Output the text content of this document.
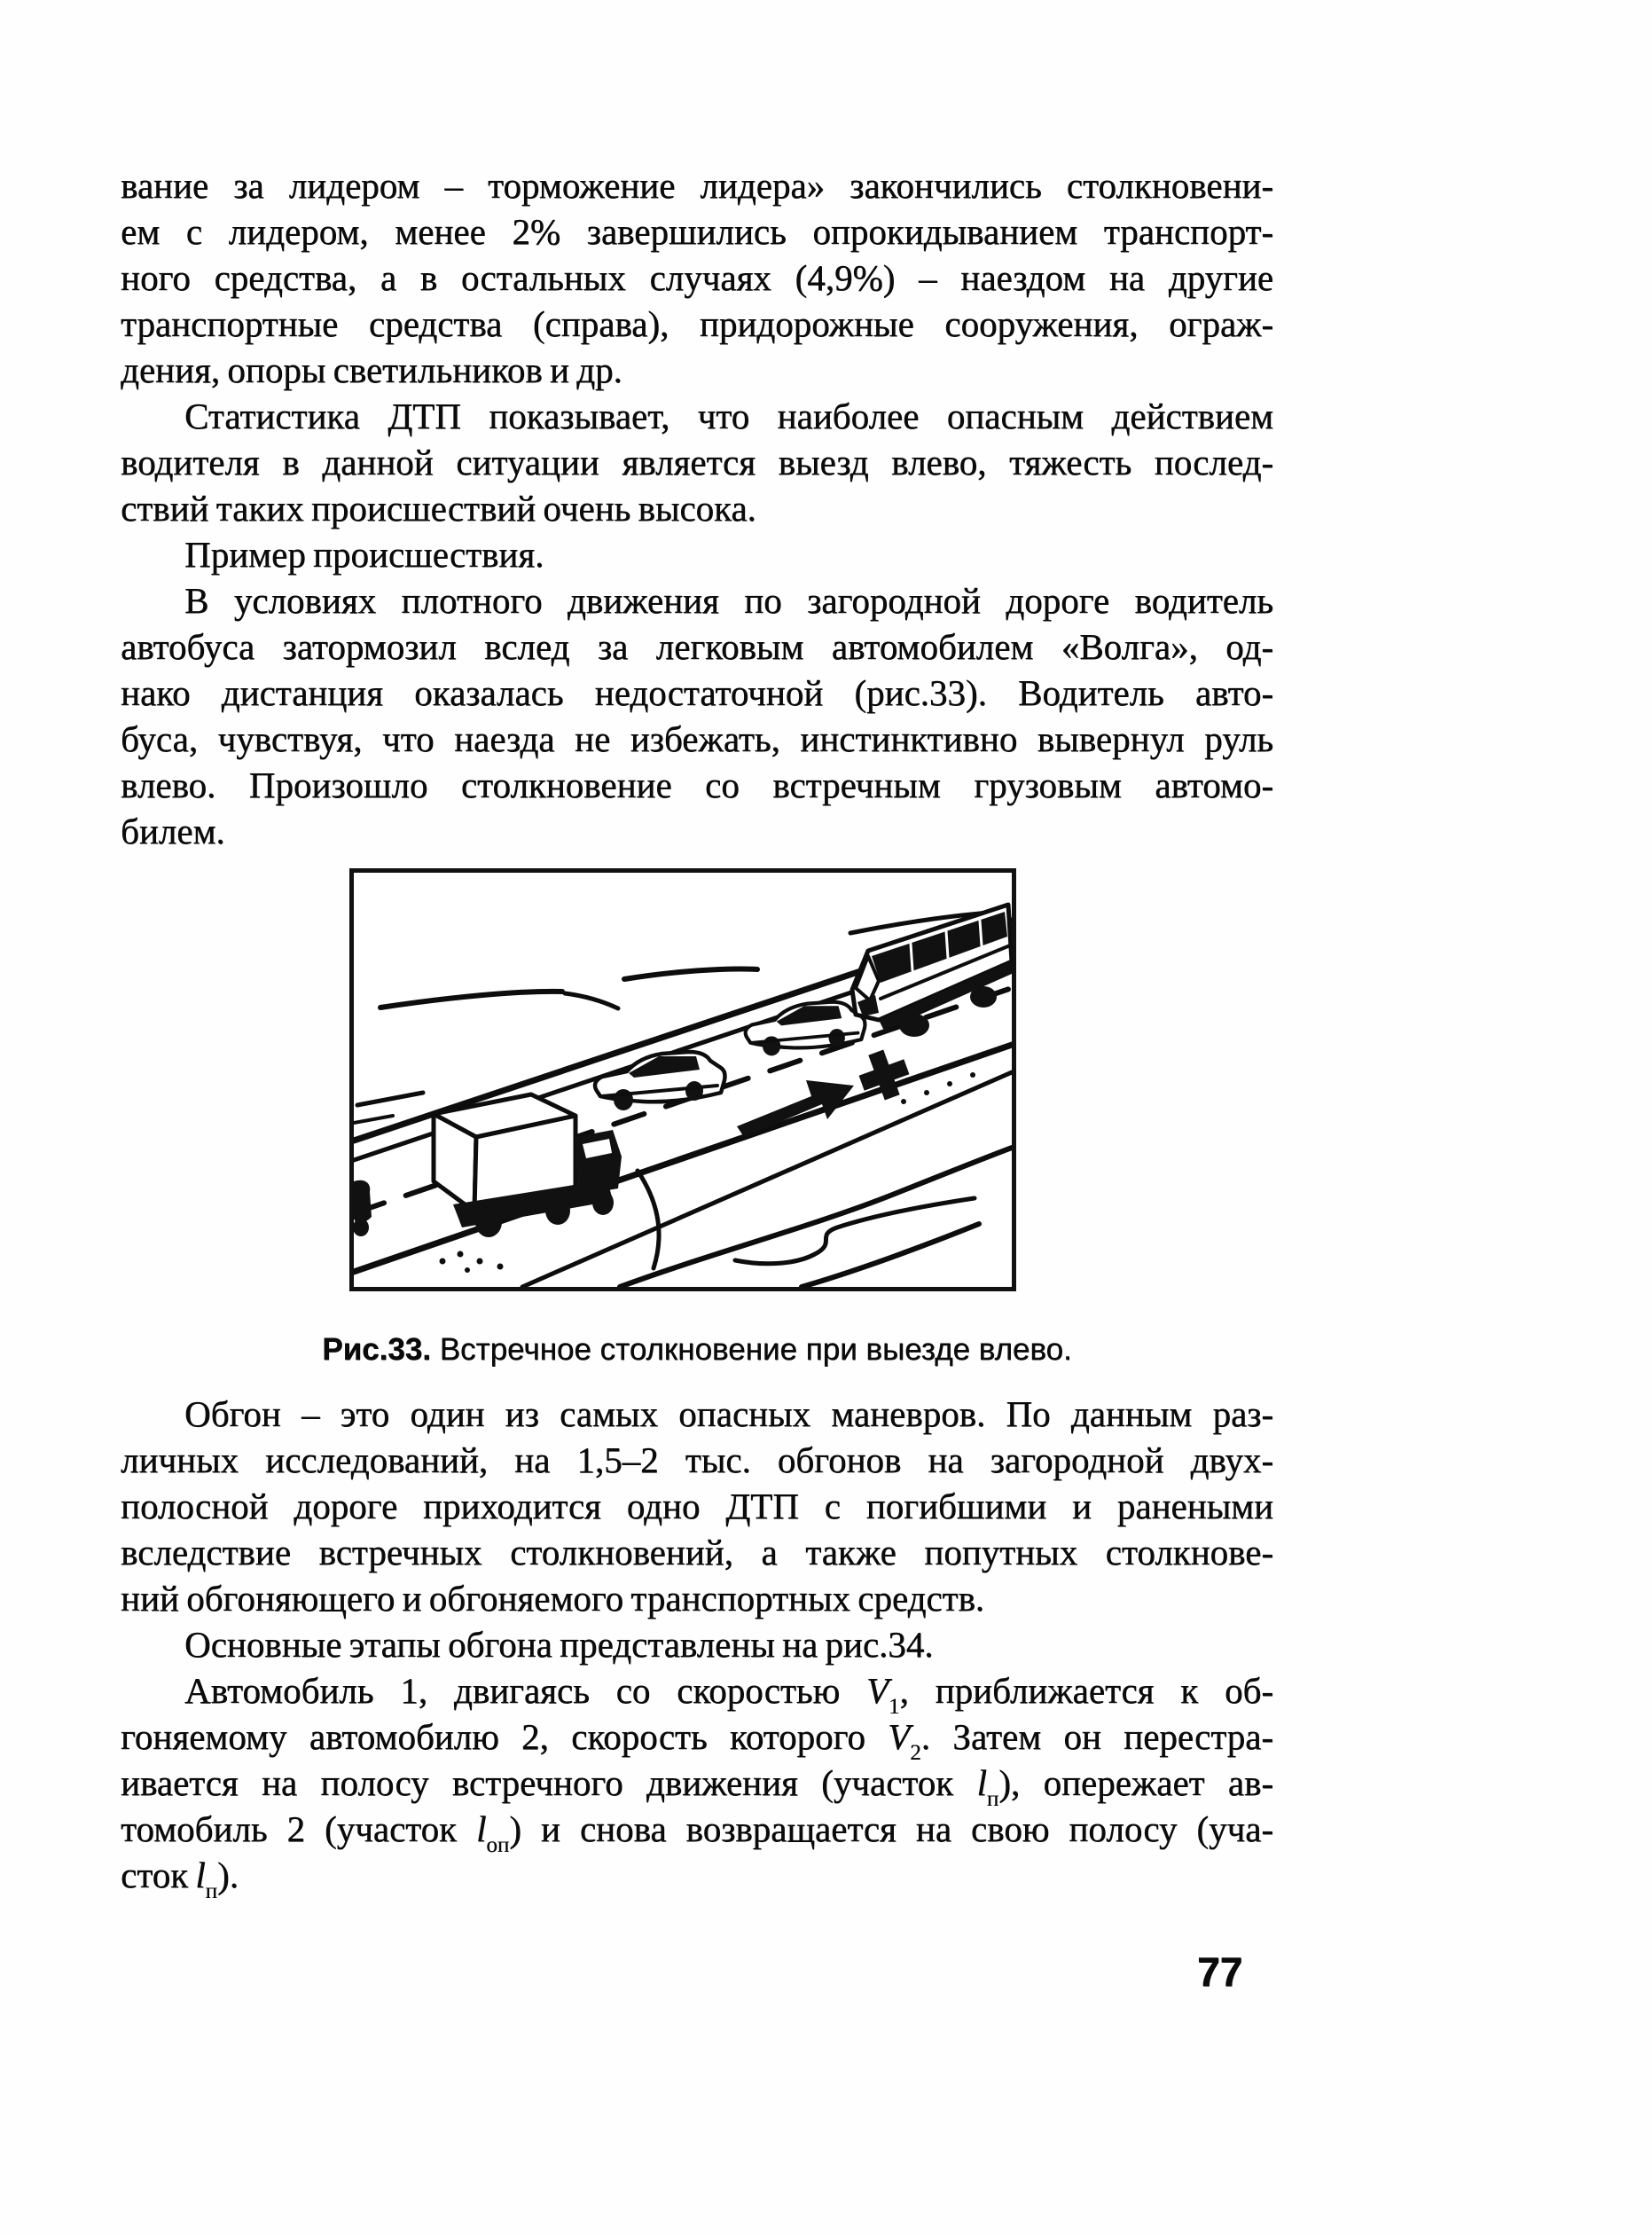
вание за лидером – торможение лидера» закончились столкновени-
ем с лидером, менее 2% завершились опрокидыванием транспорт-
ного средства, а в остальных случаях (4,9%) – наездом на другие
транспортные средства (справа), придорожные сооружения, ограж-
дения, опоры светильников и др.
Статистика ДТП показывает, что наиболее опасным действием
водителя в данной ситуации является выезд влево, тяжесть послед-
ствий таких происшествий очень высока.
Пример происшествия.
В условиях плотного движения по загородной дороге водитель
автобуса затормозил вслед за легковым автомобилем «Волга», од-
нако дистанция оказалась недостаточной (рис.33). Водитель авто-
буса, чувствуя, что наезда не избежать, инстинктивно вывернул руль
влево. Произошло столкновение со встречным грузовым автомо-
билем.
Рис.33. Встречное столкновение при выезде влево.
Обгон – это один из самых опасных маневров. По данным раз-
личных исследований, на 1,5–2 тыс. обгонов на загородной двух-
полосной дороге приходится одно ДТП с погибшими и ранеными
вследствие встречных столкновений, а также попутных столкнове-
ний обгоняющего и обгоняемого транспортных средств.
Основные этапы обгона представлены на рис.34.
Автомобиль 1, двигаясь со скоростью $V_1$, приближается к об-
гоняемому автомобилю 2, скорость которого $V_2$. Затем он перестра-
ивается на полосу встречного движения (участок $l_п$), опережает ав-
томобиль 2 (участок $l_{оп}$) и снова возвращается на свою полосу (уча-
сток $l_п$).
77
